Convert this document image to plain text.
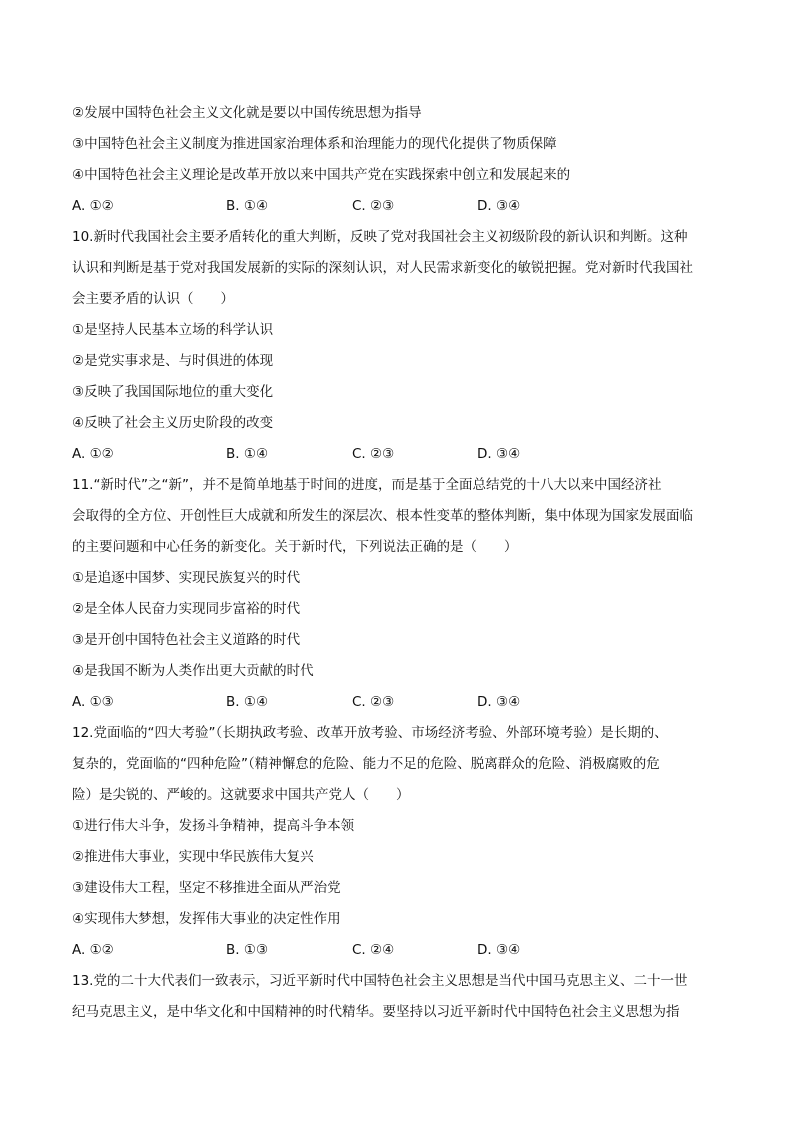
②发展中国特色社会主义文化就是要以中国传统思想为指导
③中国特色社会主义制度为推进国家治理体系和治理能力的现代化提供了物质保障
④中国特色社会主义理论是改革开放以来中国共产党在实践探索中创立和发展起来的
A. ①②	B. ①④	C. ②③	D. ③④
10.新时代我国社会主要矛盾转化的重大判断，反映了党对我国社会主义初级阶段的新认识和判断。这种
认识和判断是基于党对我国发展新的实际的深刻认识，对人民需求新变化的敏锐把握。党对新时代我国社
会主要矛盾的认识（　　）
①是坚持人民基本立场的科学认识
②是党实事求是、与时俱进的体现
③反映了我国国际地位的重大变化
④反映了社会主义历史阶段的改变
A. ①②	B. ①④	C. ②③	D. ③④
11.“新时代”之“新”，并不是简单地基于时间的进度，而是基于全面总结党的十八大以来中国经济社
会取得的全方位、开创性巨大成就和所发生的深层次、根本性变革的整体判断，集中体现为国家发展面临
的主要问题和中心任务的新变化。关于新时代，下列说法正确的是（　　）
①是追逐中国梦、实现民族复兴的时代
②是全体人民奋力实现同步富裕的时代
③是开创中国特色社会主义道路的时代
④是我国不断为人类作出更大贡献的时代
A. ①③	B. ①④	C. ②③	D. ③④
12.党面临的“四大考验”（长期执政考验、改革开放考验、市场经济考验、外部环境考验）是长期的、
复杂的，党面临的“四种危险”（精神懈怠的危险、能力不足的危险、脱离群众的危险、消极腐败的危
险）是尖锐的、严峻的。这就要求中国共产党人（　　）
①进行伟大斗争，发扬斗争精神，提高斗争本领
②推进伟大事业，实现中华民族伟大复兴
③建设伟大工程，坚定不移推进全面从严治党
④实现伟大梦想，发挥伟大事业的决定性作用
A. ①②	B. ①③	C. ②④	D. ③④
13.党的二十大代表们一致表示，习近平新时代中国特色社会主义思想是当代中国马克思主义、二十一世
纪马克思主义，是中华文化和中国精神的时代精华。要坚持以习近平新时代中国特色社会主义思想为指
